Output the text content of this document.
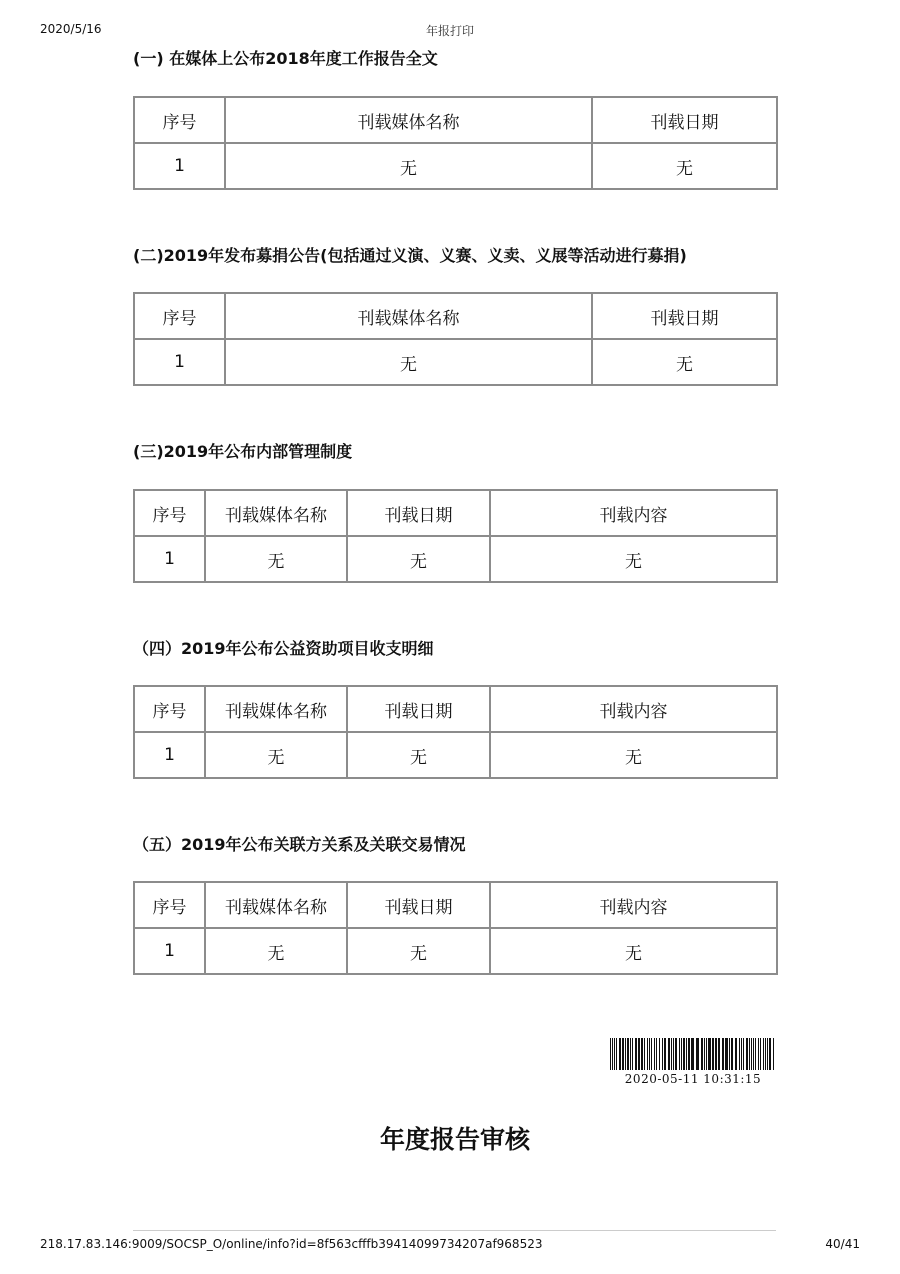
2020/5/16	年报打印
(一) 在媒体上公布2018年度工作报告全文
序号	刊载媒体名称	刊载日期
1	无	无
(二)2019年发布募捐公告(包括通过义演、义赛、义卖、义展等活动进行募捐)
序号	刊载媒体名称	刊载日期
1	无	无
(三)2019年公布内部管理制度
序号	刊载媒体名称	刊载日期	刊载内容
1	无	无	无
（四）2019年公布公益资助项目收支明细
序号	刊载媒体名称	刊载日期	刊载内容
1	无	无	无
（五）2019年公布关联方关系及关联交易情况
序号	刊载媒体名称	刊载日期	刊载内容
1	无	无	无
2020-05-11 10:31:15
年度报告审核
218.17.83.146:9009/SOCSP_O/online/info?id=8f563cfffb39414099734207af968523	40/41
